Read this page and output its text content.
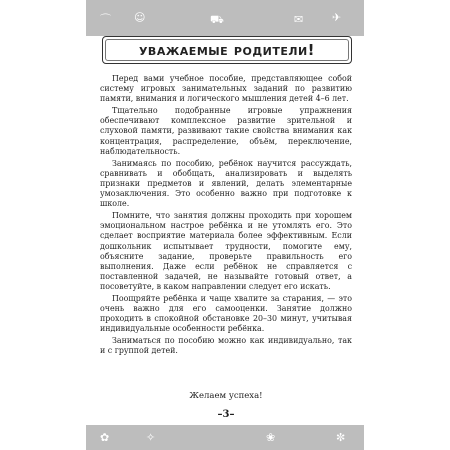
⌒ ☺	⛟	✉	✈
уважаемые родители!

Перед вами учебное пособие, представляющее собой систему игровых занимательных заданий по развитию памяти, внимания и логического мышления детей 4–6 лет.

Тщательно подобранные игровые упражнения обеспечивают комплексное развитие зрительной и слуховой памяти, развивают такие свойства внимания как концентрация, распределение, объём, переключение, наблюдательность.

Занимаясь по пособию, ребёнок научится рассуждать, сравнивать и обобщать, анализировать и выделять признаки предметов и явлений, делать элементарные умозаключения. Это особенно важно при подготовке к школе.

Помните, что занятия должны проходить при хорошем эмоциональном настрое ребёнка и не утомлять его. Это сделает восприятие материала более эффективным. Если дошкольник испытывает трудности, помогите ему, объясните задание, проверьте правильность его выполнения. Даже если ребёнок не справляется с поставленной задачей, не называйте готовый ответ, а посоветуйте, в каком направлении следует его искать.

Поощряйте ребёнка и чаще хвалите за старания, — это очень важно для его самооценки. Занятие должно проходить в спокойной обстановке 20–30 минут, учитывая индивидуальные особенности ребёнка.

Заниматься по пособию можно как индивидуально, так и с группой детей.

Желаем успеха!
–3–
✿	✧	❀	✼
